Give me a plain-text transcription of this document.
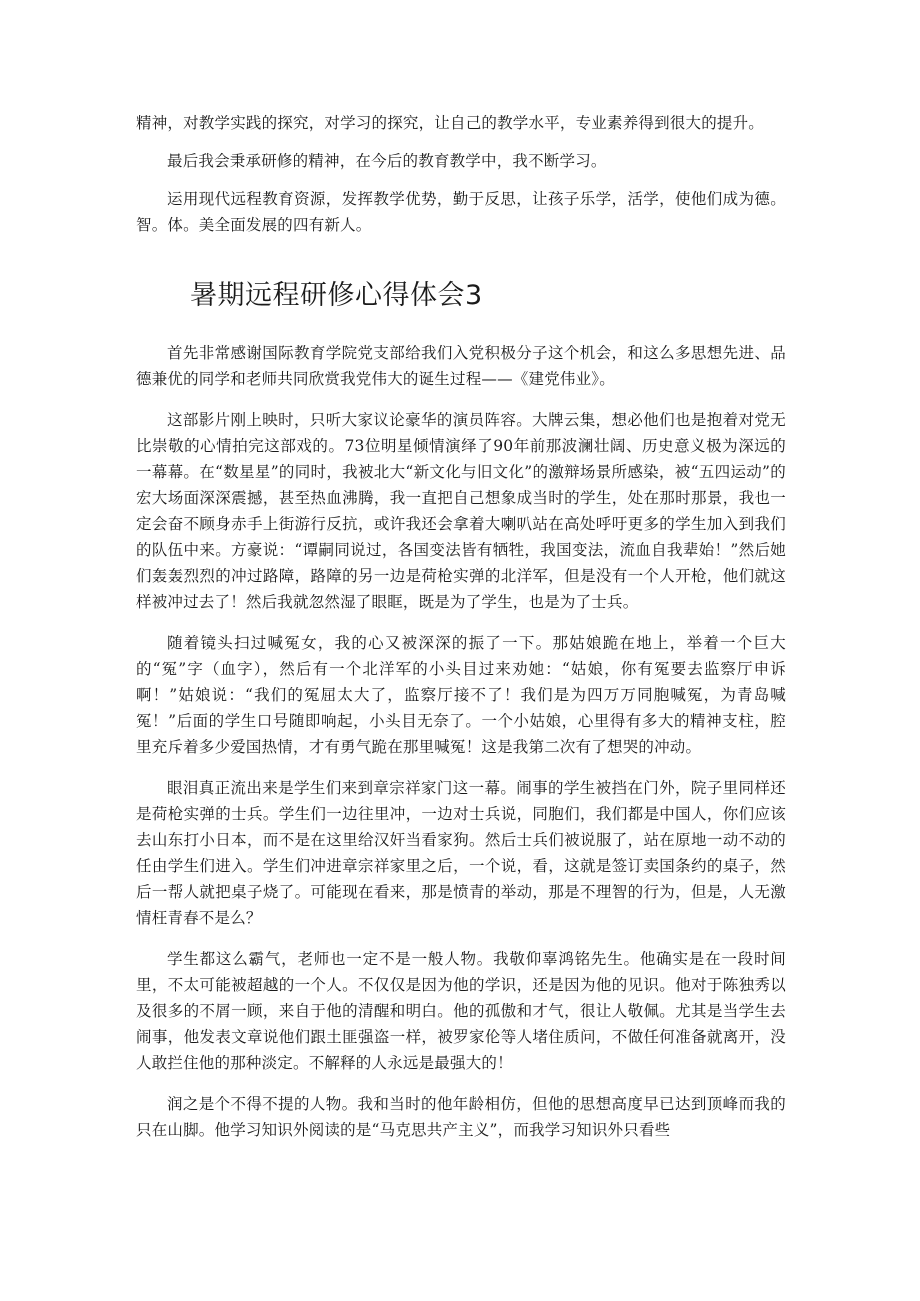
精神，对教学实践的探究，对学习的探究，让自己的教学水平，专业素养得到很大的提升。

最后我会秉承研修的精神，在今后的教育教学中，我不断学习。

运用现代远程教育资源，发挥教学优势，勤于反思，让孩子乐学，活学，使他们成为德。智。体。美全面发展的四有新人。

暑期远程研修心得体会3

首先非常感谢国际教育学院党支部给我们入党积极分子这个机会，和这么多思想先进、品德兼优的同学和老师共同欣赏我党伟大的诞生过程——《建党伟业》。

这部影片刚上映时，只听大家议论豪华的演员阵容。大牌云集，想必他们也是抱着对党无比崇敬的心情拍完这部戏的。73位明星倾情演绎了90年前那波澜壮阔、历史意义极为深远的一幕幕。在“数星星”的同时，我被北大“新文化与旧文化”的激辩场景所感染，被“五四运动”的宏大场面深深震撼，甚至热血沸腾，我一直把自己想象成当时的学生，处在那时那景，我也一定会奋不顾身赤手上街游行反抗，或许我还会拿着大喇叭站在高处呼吁更多的学生加入到我们的队伍中来。方豪说：“谭嗣同说过，各国变法皆有牺牲，我国变法，流血自我辈始！”然后她们轰轰烈烈的冲过路障，路障的另一边是荷枪实弹的北洋军，但是没有一个人开枪，他们就这样被冲过去了！然后我就忽然湿了眼眶，既是为了学生，也是为了士兵。

随着镜头扫过喊冤女，我的心又被深深的振了一下。那姑娘跪在地上，举着一个巨大的“冤”字（血字），然后有一个北洋军的小头目过来劝她：“姑娘，你有冤要去监察厅申诉啊！”姑娘说：“我们的冤屈太大了，监察厅接不了！我们是为四万万同胞喊冤，为青岛喊冤！”后面的学生口号随即响起，小头目无奈了。一个小姑娘，心里得有多大的精神支柱，腔里充斥着多少爱国热情，才有勇气跪在那里喊冤！这是我第二次有了想哭的冲动。

眼泪真正流出来是学生们来到章宗祥家门这一幕。闹事的学生被挡在门外，院子里同样还是荷枪实弹的士兵。学生们一边往里冲，一边对士兵说，同胞们，我们都是中国人，你们应该去山东打小日本，而不是在这里给汉奸当看家狗。然后士兵们被说服了，站在原地一动不动的任由学生们进入。学生们冲进章宗祥家里之后，一个说，看，这就是签订卖国条约的桌子，然后一帮人就把桌子烧了。可能现在看来，那是愤青的举动，那是不理智的行为，但是，人无激情枉青春不是么？

学生都这么霸气，老师也一定不是一般人物。我敬仰辜鸿铭先生。他确实是在一段时间里，不太可能被超越的一个人。不仅仅是因为他的学识，还是因为他的见识。他对于陈独秀以及很多的不屑一顾，来自于他的清醒和明白。他的孤傲和才气，很让人敬佩。尤其是当学生去闹事，他发表文章说他们跟土匪强盗一样，被罗家伦等人堵住质问，不做任何准备就离开，没人敢拦住他的那种淡定。不解释的人永远是最强大的！

润之是个不得不提的人物。我和当时的他年龄相仿，但他的思想高度早已达到顶峰而我的只在山脚。他学习知识外阅读的是“马克思共产主义”，而我学习知识外只看些
